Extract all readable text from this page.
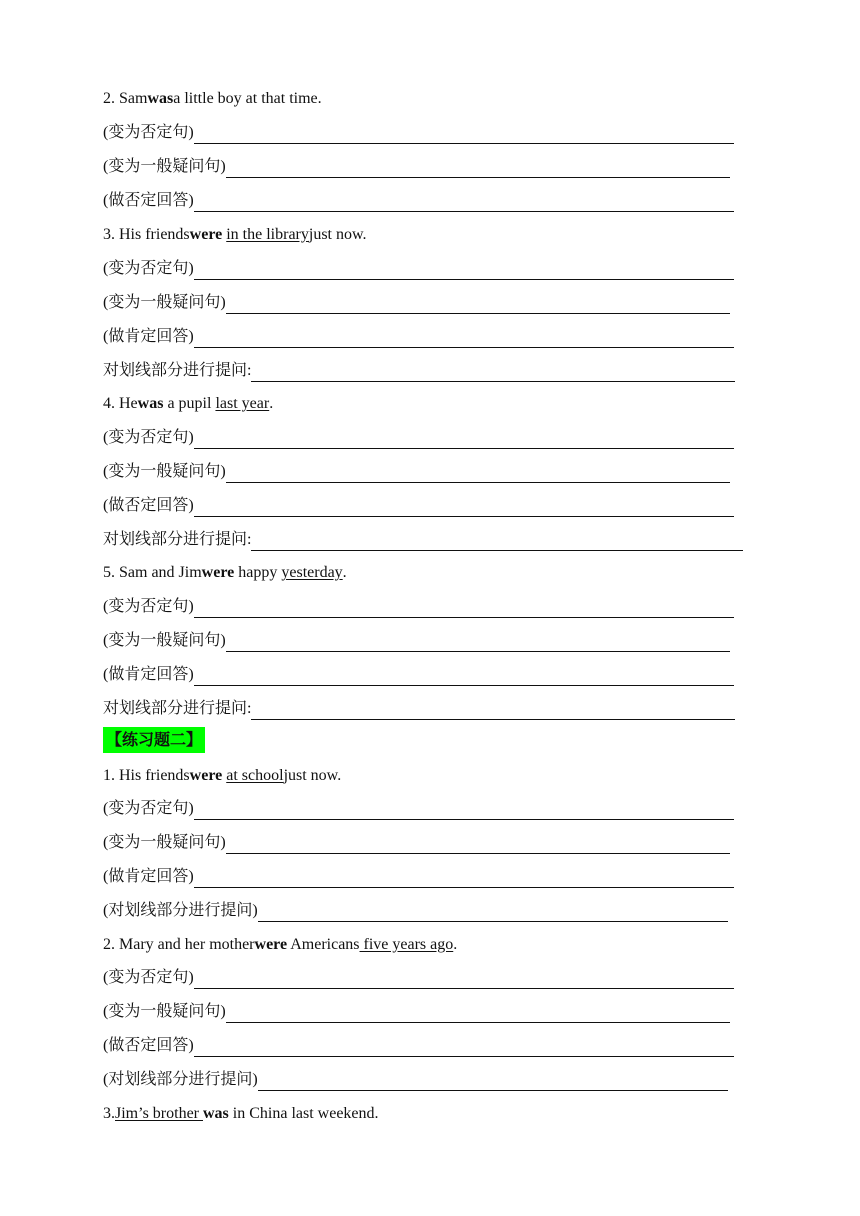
2. Sam was a little boy at that time.
(变为否定句)
(变为一般疑问句)
(做否定回答)
3. His friends were
in the library just now.
(变为否定句)
(变为一般疑问句)
(做肯定回答)
对划线部分进行提问:
4. He was a pupil last year .
(变为否定句)
(变为一般疑问句)
(做否定回答)
对划线部分进行提问:
5. Sam and Jim were happy yesterday .
(变为否定句)
(变为一般疑问句)
(做肯定回答)
对划线部分进行提问:
【练习题二】
1. His friends were
at school just now.
(变为否定句)
(变为一般疑问句)
(做肯定回答)
(对划线部分进行提问)
2. Mary and her mother were Americans five years ago .
(变为否定句)
(变为一般疑问句)
(做否定回答)
(对划线部分进行提问)
3. Jim’s brother was in China last weekend.
